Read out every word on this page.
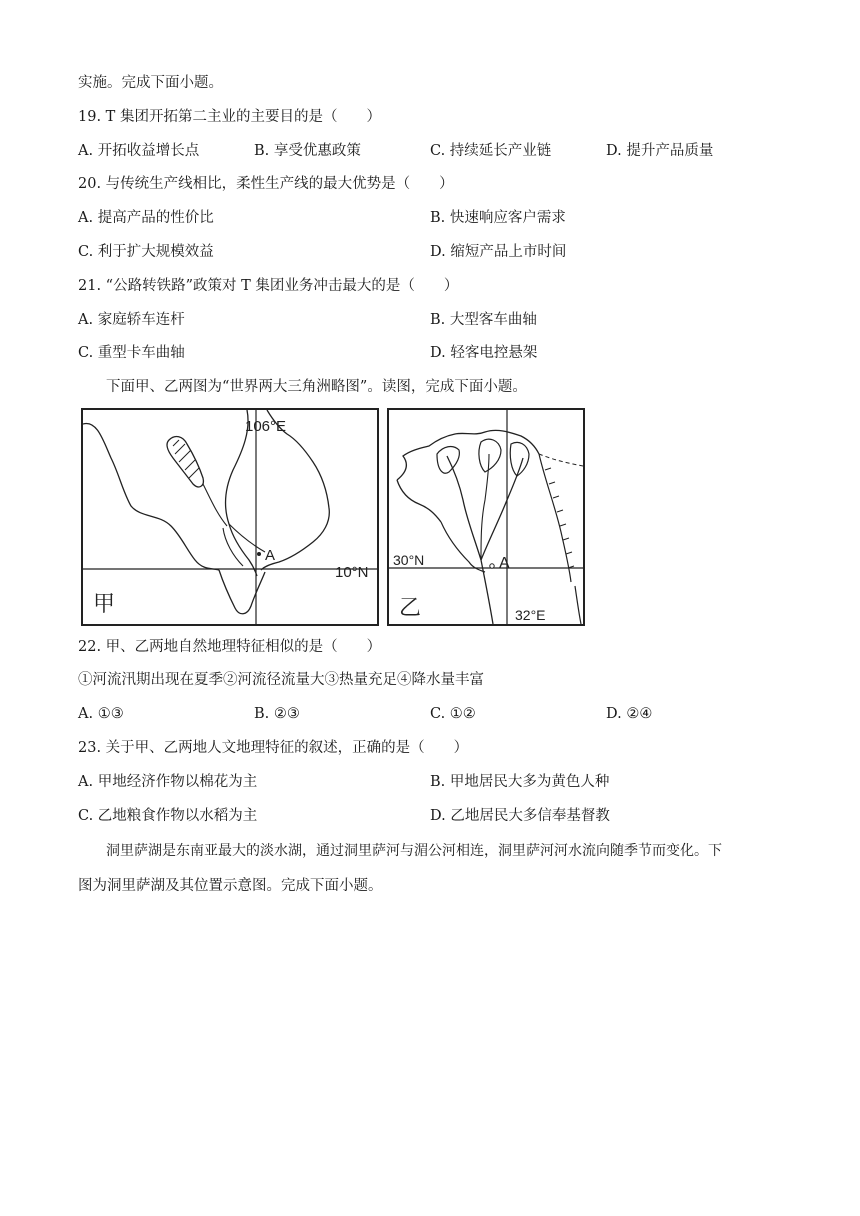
实施。完成下面小题。
19. T 集团开拓第二主业的主要目的是（　　）
A. 开拓收益增长点	B. 享受优惠政策	C. 持续延长产业链	D. 提升产品质量
20. 与传统生产线相比，柔性生产线的最大优势是（　　）
A. 提高产品的性价比	B. 快速响应客户需求
C. 利于扩大规模效益	D. 缩短产品上市时间
21. “公路转铁路”政策对 T 集团业务冲击最大的是（　　）
A. 家庭轿车连杆	B. 大型客车曲轴
C. 重型卡车曲轴	D. 轻客电控悬架
下面甲、乙两图为“世界两大三角洲略图”。读图，完成下面小题。
A
106°E
10°N
甲
A
30°N
32°E
乙
22. 甲、乙两地自然地理特征相似的是（　　）
①河流汛期出现在夏季②河流径流量大③热量充足④降水量丰富
A. ①③	B. ②③	C. ①②	D. ②④
23. 关于甲、乙两地人文地理特征的叙述，正确的是（　　）
A. 甲地经济作物以棉花为主	B. 甲地居民大多为黄色人种
C. 乙地粮食作物以水稻为主	D. 乙地居民大多信奉基督教
洞里萨湖是东南亚最大的淡水湖，通过洞里萨河与湄公河相连，洞里萨河河水流向随季节而变化。下
图为洞里萨湖及其位置示意图。完成下面小题。
